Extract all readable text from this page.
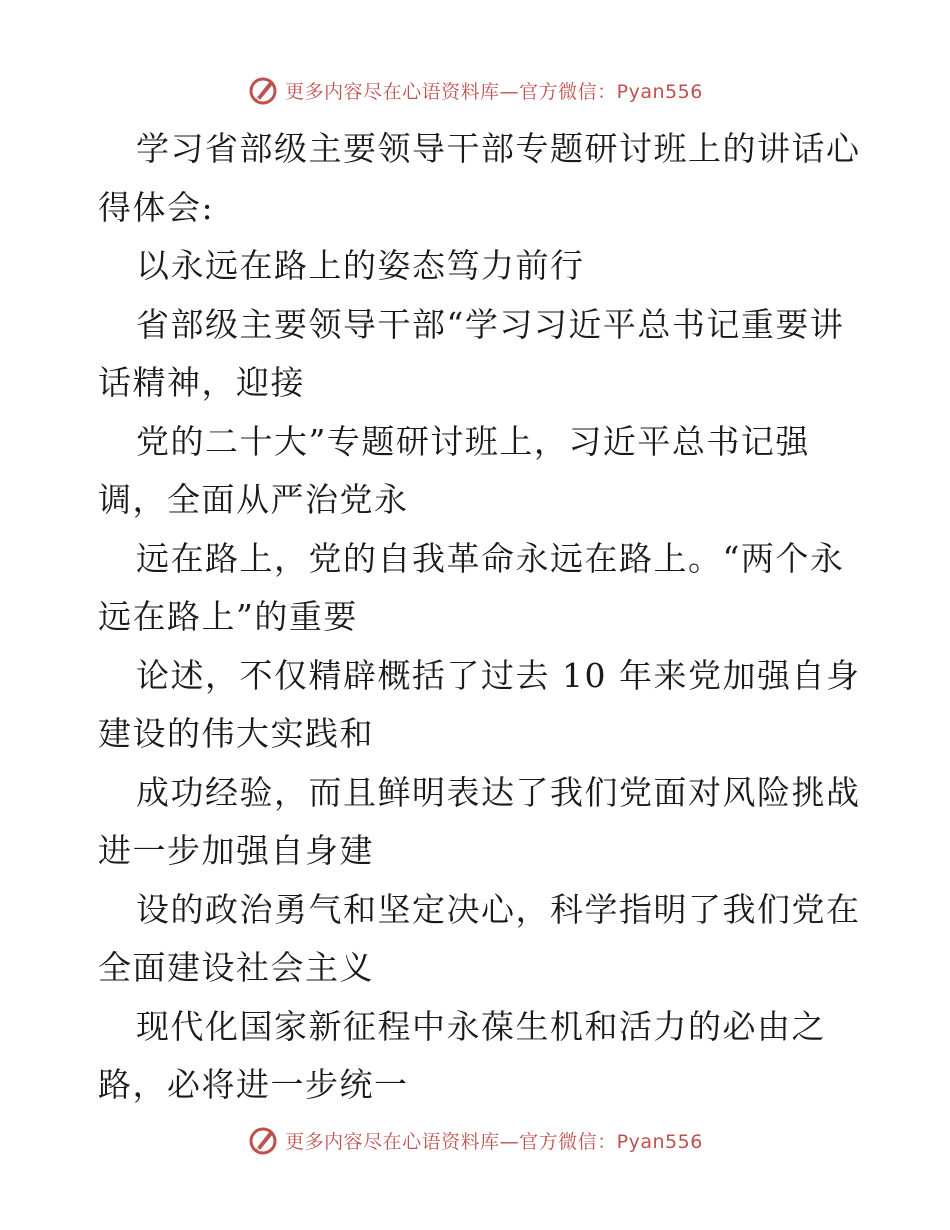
更多内容尽在心语资料库—官方微信：Pyan556
学习省部级主要领导干部专题研讨班上的讲话心
得体会:
以永远在路上的姿态笃力前行
省部级主要领导干部“学习习近平总书记重要讲
话精神，迎接
党的二十大”专题研讨班上，习近平总书记强
调，全面从严治党永
远在路上，党的自我革命永远在路上。“两个永
远在路上”的重要
论述，不仅精辟概括了过去 10 年来党加强自身
建设的伟大实践和
成功经验，而且鲜明表达了我们党面对风险挑战
进一步加强自身建
设的政治勇气和坚定决心，科学指明了我们党在
全面建设社会主义
现代化国家新征程中永葆生机和活力的必由之
路，必将进一步统一
更多内容尽在心语资料库—官方微信：Pyan556
